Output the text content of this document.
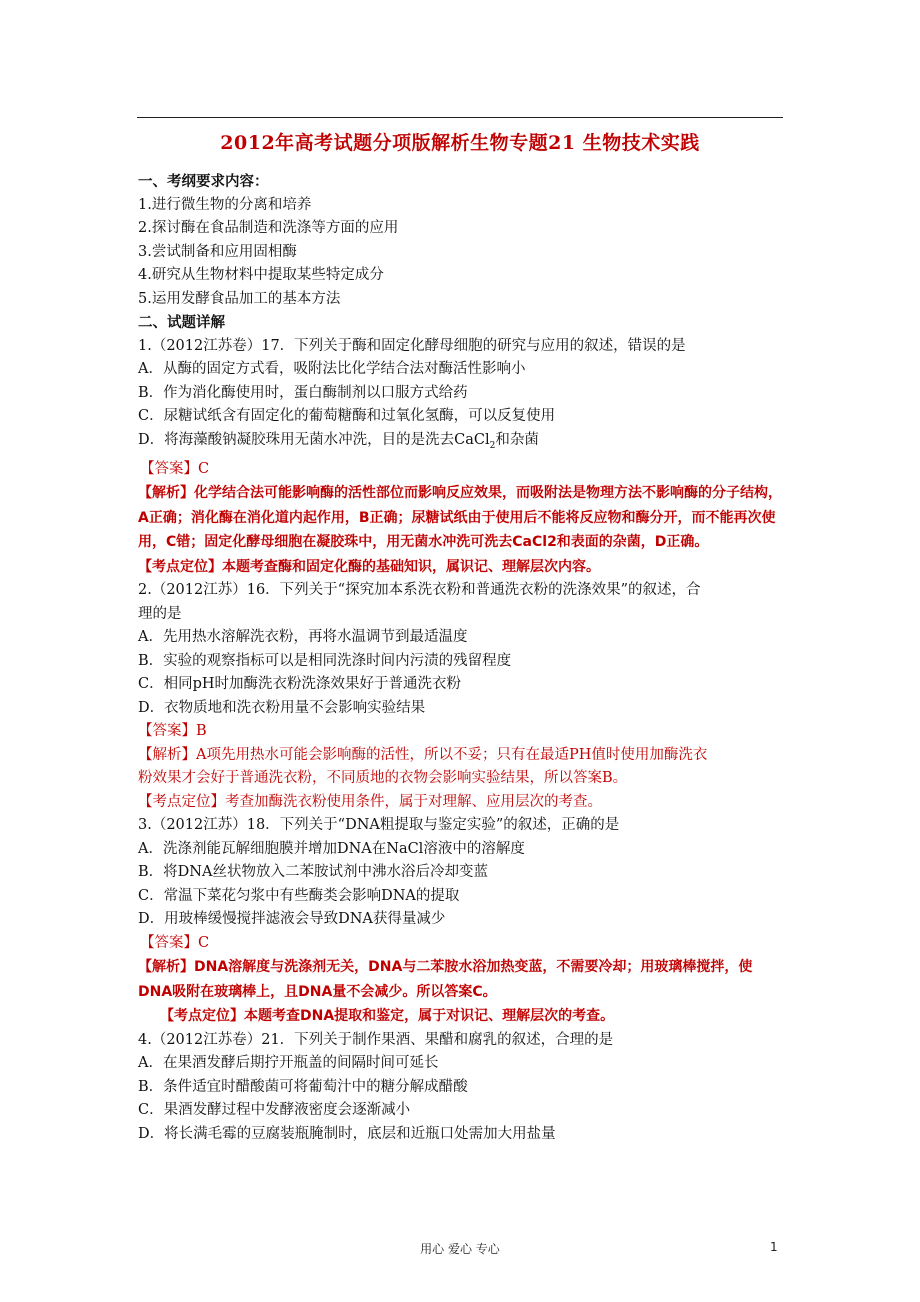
2012年高考试题分项版解析生物专题21 生物技术实践
一、考纲要求内容：
1.进行微生物的分离和培养
2.探讨酶在食品制造和洗涤等方面的应用
3.尝试制备和应用固相酶
4.研究从生物材料中提取某些特定成分
5.运用发酵食品加工的基本方法
二、试题详解
1.（2012江苏卷）17．下列关于酶和固定化酵母细胞的研究与应用的叙述，错误的是
A．从酶的固定方式看，吸附法比化学结合法对酶活性影响小
B．作为消化酶使用时，蛋白酶制剂以口服方式给药
C．尿糖试纸含有固定化的葡萄糖酶和过氧化氢酶，可以反复使用
D．将海藻酸钠凝胶珠用无菌水冲洗，目的是洗去CaCl$_2$和杂菌
【答案】C
【解析】化学结合法可能影响酶的活性部位而影响反应效果，而吸附法是物理方法不影响酶的分子结构，A正确；消化酶在消化道内起作用，B正确；尿糖试纸由于使用后不能将反应物和酶分开，而不能再次使用，C错；固定化酵母细胞在凝胶珠中，用无菌水冲洗可洗去CaCl2和表面的杂菌，D正确。
【考点定位】本题考查酶和固定化酶的基础知识，属识记、理解层次内容。
2.（2012江苏）16．下列关于“探究加本系洗衣粉和普通洗衣粉的洗涤效果”的叙述，合
理的是
A．先用热水溶解洗衣粉，再将水温调节到最适温度
B．实验的观察指标可以是相同洗涤时间内污渍的残留程度
C．相同pH时加酶洗衣粉洗涤效果好于普通洗衣粉
D．衣物质地和洗衣粉用量不会影响实验结果
【答案】B
【解析】A项先用热水可能会影响酶的活性，所以不妥；只有在最适PH值时使用加酶洗衣
粉效果才会好于普通洗衣粉，不同质地的衣物会影响实验结果，所以答案B。
【考点定位】考查加酶洗衣粉使用条件，属于对理解、应用层次的考查。
3.（2012江苏）18．下列关于“DNA粗提取与鉴定实验”的叙述，正确的是
A．洗涤剂能瓦解细胞膜并增加DNA在NaCl溶液中的溶解度
B．将DNA丝状物放入二苯胺试剂中沸水浴后冷却变蓝
C．常温下菜花匀浆中有些酶类会影响DNA的提取
D．用玻棒缓慢搅拌滤液会导致DNA获得量减少
【答案】C
【解析】DNA溶解度与洗涤剂无关，DNA与二苯胺水浴加热变蓝，不需要冷却；用玻璃棒搅拌，使DNA吸附在玻璃棒上，且DNA量不会减少。所以答案C。
【考点定位】本题考查DNA提取和鉴定，属于对识记、理解层次的考查。
4.（2012江苏卷）21．下列关于制作果酒、果醋和腐乳的叙述，合理的是
A．在果酒发酵后期拧开瓶盖的间隔时间可延长
B．条件适宜时醋酸菌可将葡萄汁中的糖分解成醋酸
C．果酒发酵过程中发酵液密度会逐渐减小
D．将长满毛霉的豆腐装瓶腌制时，底层和近瓶口处需加大用盐量
用心 爱心 专心	1
